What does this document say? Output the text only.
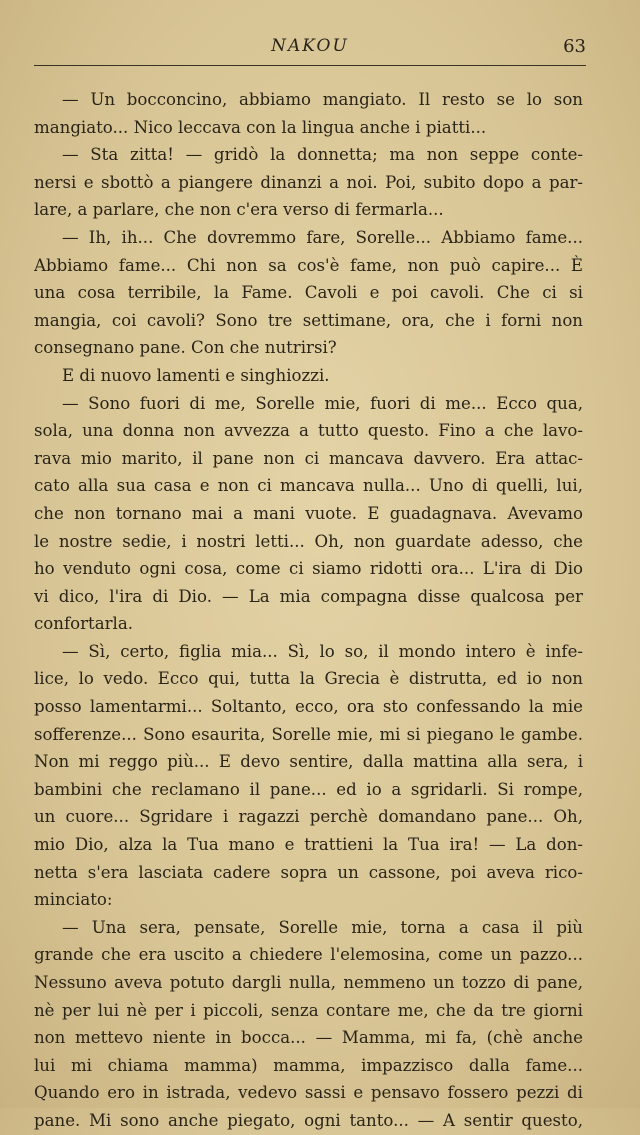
NAKOU	63
— Un bocconcino, abbiamo mangiato. Il resto se lo son
mangiato... Nico leccava con la lingua anche i piatti...
— Sta zitta! — gridò la donnetta; ma non seppe conte-
nersi e sbottò a piangere dinanzi a noi. Poi, subito dopo a par-
lare, a parlare, che non c'era verso di fermarla...
— Ih, ih... Che dovremmo fare, Sorelle... Abbiamo fame...
Abbiamo fame... Chi non sa cos'è fame, non può capire... È
una cosa terribile, la Fame. Cavoli e poi cavoli. Che ci si
mangia, coi cavoli? Sono tre settimane, ora, che i forni non
consegnano pane. Con che nutrirsi?
E di nuovo lamenti e singhiozzi.
— Sono fuori di me, Sorelle mie, fuori di me... Ecco qua,
sola, una donna non avvezza a tutto questo. Fino a che lavo-
rava mio marito, il pane non ci mancava davvero. Era attac-
cato alla sua casa e non ci mancava nulla... Uno di quelli, lui,
che non tornano mai a mani vuote. E guadagnava. Avevamo
le nostre sedie, i nostri letti... Oh, non guardate adesso, che
ho venduto ogni cosa, come ci siamo ridotti ora... L'ira di Dio
vi dico, l'ira di Dio. — La mia compagna disse qualcosa per
confortarla.
— Sì, certo, figlia mia... Sì, lo so, il mondo intero è infe-
lice, lo vedo. Ecco qui, tutta la Grecia è distrutta, ed io non
posso lamentarmi... Soltanto, ecco, ora sto confessando la mie
sofferenze... Sono esaurita, Sorelle mie, mi si piegano le gambe.
Non mi reggo più... E devo sentire, dalla mattina alla sera, i
bambini che reclamano il pane... ed io a sgridarli. Si rompe,
un cuore... Sgridare i ragazzi perchè domandano pane... Oh,
mio Dio, alza la Tua mano e trattieni la Tua ira! — La don-
netta s'era lasciata cadere sopra un cassone, poi aveva rico-
minciato:
— Una sera, pensate, Sorelle mie, torna a casa il più
grande che era uscito a chiedere l'elemosina, come un pazzo...
Nessuno aveva potuto dargli nulla, nemmeno un tozzo di pane,
nè per lui nè per i piccoli, senza contare me, che da tre giorni
non mettevo niente in bocca... — Mamma, mi fa, (chè anche
lui mi chiama mamma) mamma, impazzisco dalla fame...
Quando ero in istrada, vedevo sassi e pensavo fossero pezzi di
pane. Mi sono anche piegato, ogni tanto... — A sentir questo,
